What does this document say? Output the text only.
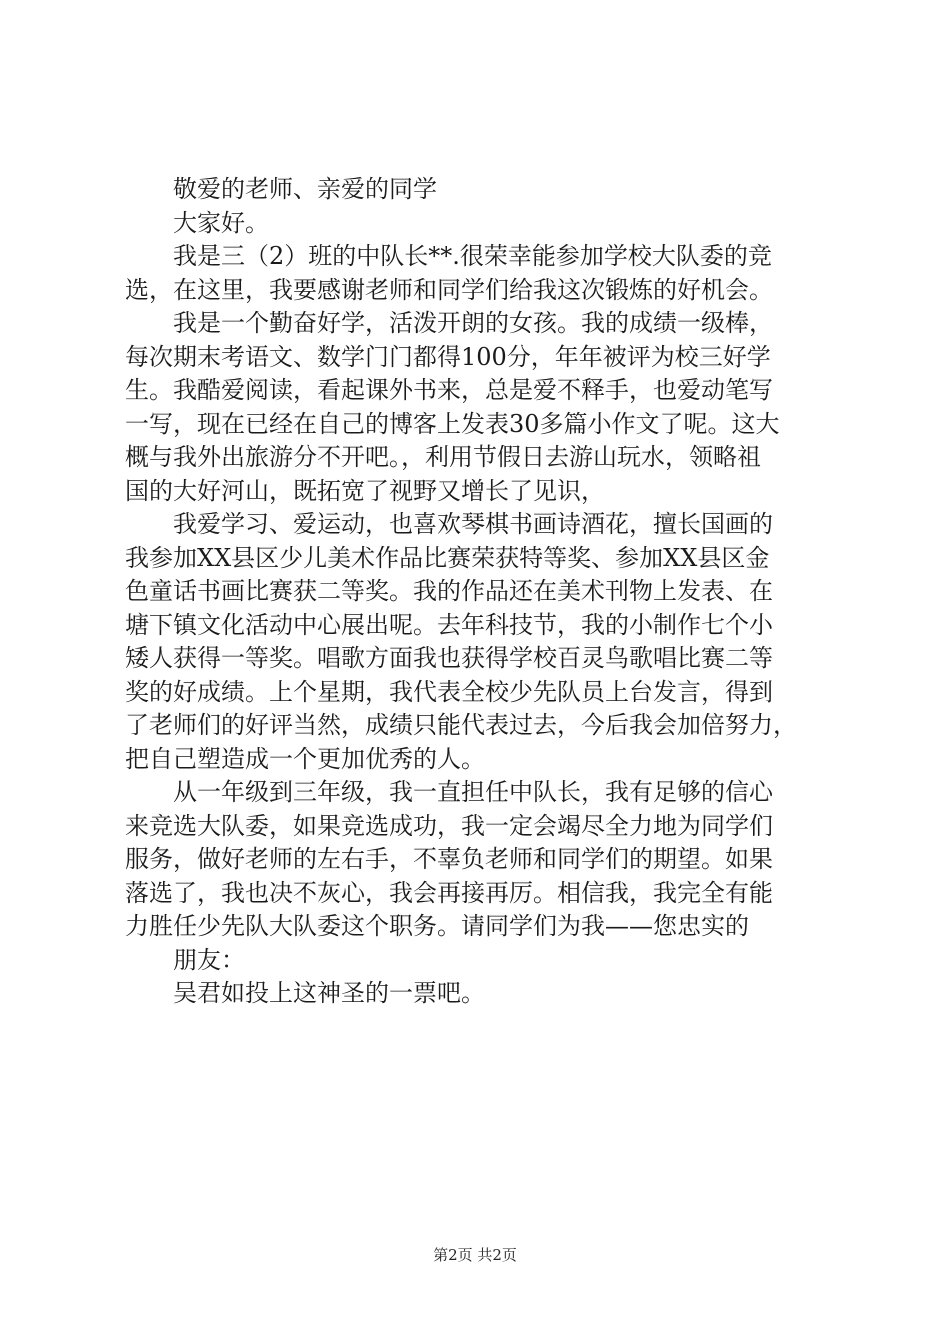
敬爱的老师、亲爱的同学
大家好。
我是三（2）班的中队长**.很荣幸能参加学校大队委的竞
选，在这里，我要感谢老师和同学们给我这次锻炼的好机会。
我是一个勤奋好学，活泼开朗的女孩。我的成绩一级棒，
每次期末考语文、数学门门都得100分，年年被评为校三好学
生。我酷爱阅读，看起课外书来，总是爱不释手，也爱动笔写
一写，现在已经在自己的博客上发表30多篇小作文了呢。这大
概与我外出旅游分不开吧。，利用节假日去游山玩水，领略祖
国的大好河山，既拓宽了视野又增长了见识，
我爱学习、爱运动，也喜欢琴棋书画诗酒花，擅长国画的
我参加XX县区少儿美术作品比赛荣获特等奖、参加XX县区金
色童话书画比赛获二等奖。我的作品还在美术刊物上发表、在
塘下镇文化活动中心展出呢。去年科技节，我的小制作七个小
矮人获得一等奖。唱歌方面我也获得学校百灵鸟歌唱比赛二等
奖的好成绩。上个星期，我代表全校少先队员上台发言，得到
了老师们的好评当然，成绩只能代表过去，今后我会加倍努力，
把自己塑造成一个更加优秀的人。
从一年级到三年级，我一直担任中队长，我有足够的信心
来竞选大队委，如果竞选成功，我一定会竭尽全力地为同学们
服务，做好老师的左右手，不辜负老师和同学们的期望。如果
落选了，我也决不灰心，我会再接再厉。相信我，我完全有能
力胜任少先队大队委这个职务。请同学们为我——您忠实的
朋友：
吴君如投上这神圣的一票吧。
第2页 共2页
